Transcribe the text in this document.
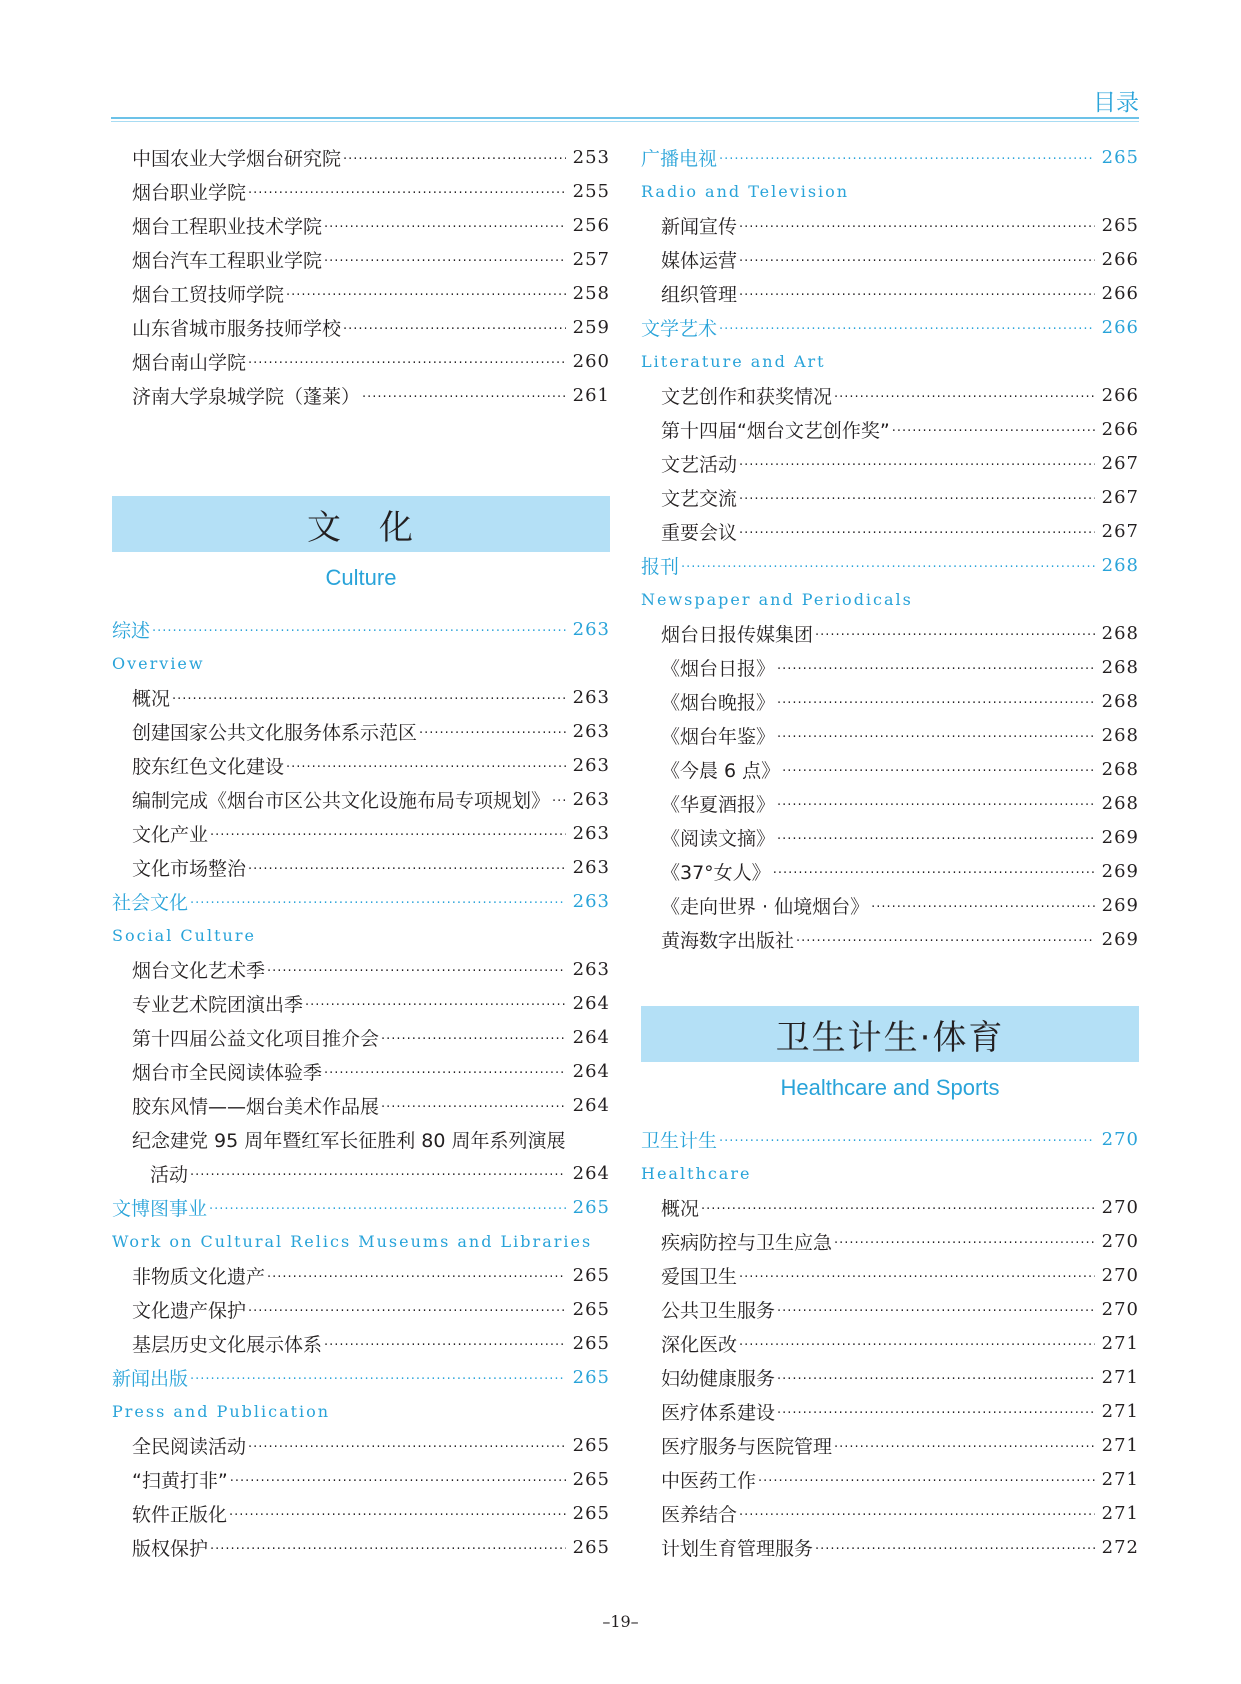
目录
中国农业大学烟台研究院 ·····	253
烟台职业学院 ·····	255
烟台工程职业技术学院 ·····	256
烟台汽车工程职业学院 ·····	257
烟台工贸技师学院 ·····	258
山东省城市服务技师学校 ·····	259
烟台南山学院 ·····	260
济南大学泉城学院（蓬莱） ·····	261
文　化
Culture
综述 ·····	263
Overview
概况 ·····	263
创建国家公共文化服务体系示范区 ·····	263
胶东红色文化建设 ·····	263
编制完成《烟台市区公共文化设施布局专项规划》 ·····	263
文化产业 ·····	263
文化市场整治 ·····	263
社会文化 ·····	263
Social Culture
烟台文化艺术季 ·····	263
专业艺术院团演出季 ·····	264
第十四届公益文化项目推介会 ·····	264
烟台市全民阅读体验季 ·····	264
胶东风情——烟台美术作品展 ·····	264
纪念建党 95 周年暨红军长征胜利 80 周年系列演展
活动 ·····	264
文博图事业 ·····	265
Work on Cultural Relics Museums and Libraries
非物质文化遗产 ·····	265
文化遗产保护 ·····	265
基层历史文化展示体系 ·····	265
新闻出版 ·····	265
Press and Publication
全民阅读活动 ·····	265
“扫黄打非” ·····	265
软件正版化 ·····	265
版权保护 ·····	265
广播电视 ·····	265
Radio and Television
新闻宣传 ·····	265
媒体运营 ·····	266
组织管理 ·····	266
文学艺术 ·····	266
Literature and Art
文艺创作和获奖情况 ·····	266
第十四届“烟台文艺创作奖” ·····	266
文艺活动 ·····	267
文艺交流 ·····	267
重要会议 ·····	267
报刊 ·····	268
Newspaper and Periodicals
烟台日报传媒集团 ·····	268
《烟台日报》 ·····	268
《烟台晚报》 ·····	268
《烟台年鉴》 ·····	268
《今晨 6 点》 ·····	268
《华夏酒报》 ·····	268
《阅读文摘》 ·····	269
《37°女人》 ·····	269
《走向世界 · 仙境烟台》 ·····	269
黄海数字出版社 ·····	269
卫生计生·体育
Healthcare and Sports
卫生计生 ·····	270
Healthcare
概况 ·····	270
疾病防控与卫生应急 ·····	270
爱国卫生 ·····	270
公共卫生服务 ·····	270
深化医改 ·····	271
妇幼健康服务 ·····	271
医疗体系建设 ·····	271
医疗服务与医院管理 ·····	271
中医药工作 ·····	271
医养结合 ·····	271
计划生育管理服务 ·····	272
–19–
